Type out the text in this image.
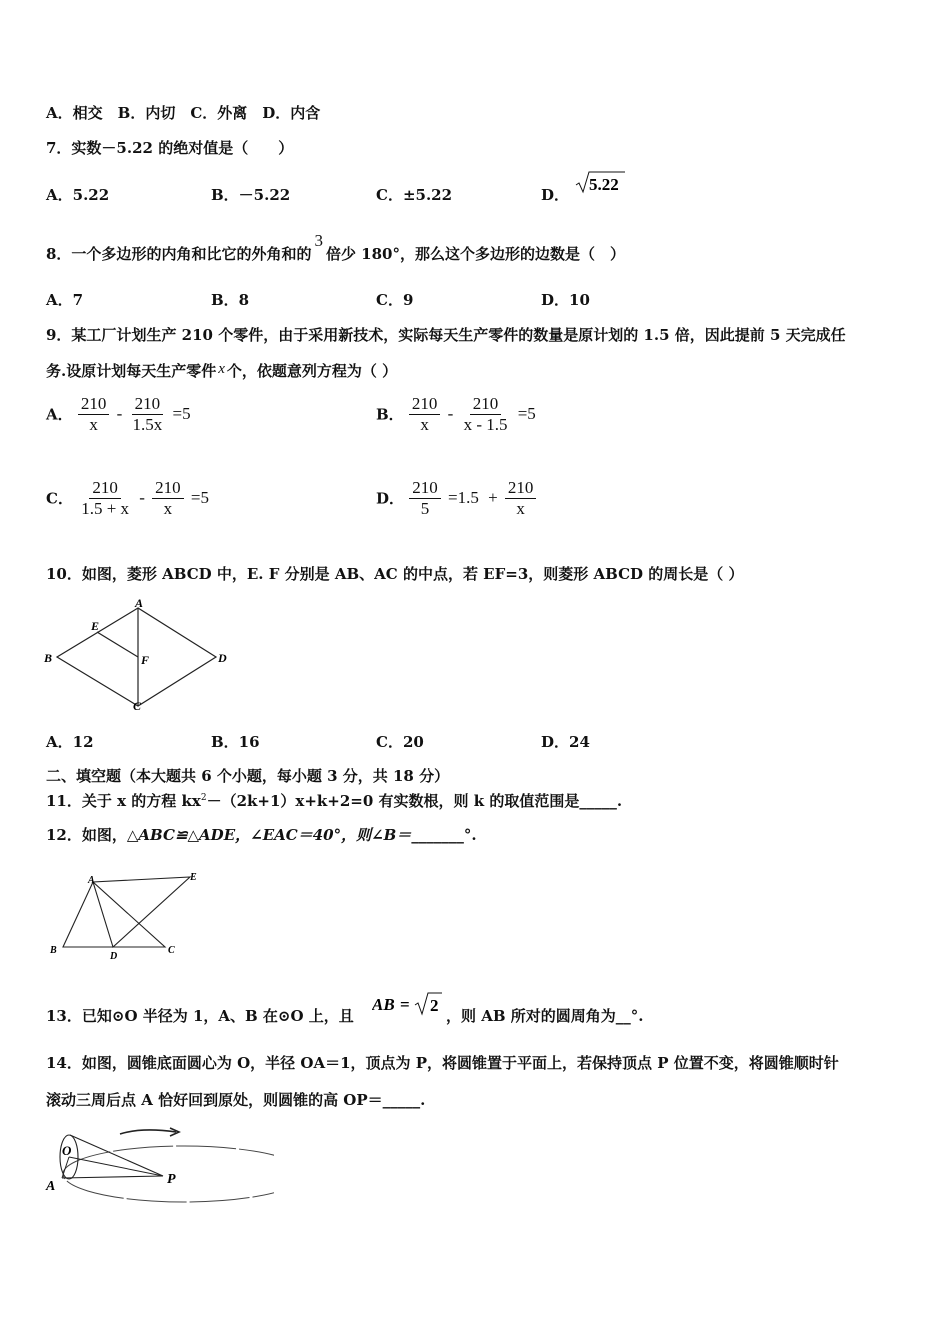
A．相交　B．内切　C．外离　D．内含
7．实数－5.22 的绝对值是（　　）
A．5.22	B．－5.22	C．±5.22	D．
5.22
8．一个多边形的内角和比它的外角和的3倍少 180°，那么这个多边形的边数是（　）
A．7	B．8	C．9	D．10
9．某工厂计划生产 210 个零件，由于采用新技术，实际每天生产零件的数量是原计划的 1.5 倍，因此提前 5 天完成任
务.设原计划每天生产零件 x 个，依题意列方程为（ ）
A． $\frac{210}{x} - \frac{210}{1.5x} =5$	B． $\frac{210}{x} - \frac{210}{x - 1.5} =5$
C． $\frac{210}{1.5 + x} - \frac{210}{x} =5$	D． $\frac{210}{5} =1.5 + \frac{210}{x}$
10．如图，菱形 ABCD 中，E. F 分别是 AB、AC 的中点，若 EF=3，则菱形 ABCD 的周长是（ ）
A
B
C
D
E
F
A．12	B．16	C．20	D．24
二、填空题（本大题共 6 个小题，每小题 3 分，共 18 分）
11．关于 x 的方程 $kx^2-(2k+1)x+k+2=0$ 有实数根，则 k 的取值范围是_____.
12．如图，△ABC≌△ADE，∠EAC＝40°，则∠B＝_______°.
A
B
D
C
E
13．已知⊙O 半径为 1，A、B 在⊙O 上，且
AB = 2
，则 AB 所对的圆周角为__°.
14．如图，圆锥底面圆心为 O，半径 OA＝1，顶点为 P，将圆锥置于平面上，若保持顶点 P 位置不变，将圆锥顺时针
滚动三周后点 A 恰好回到原处，则圆锥的高 OP＝_____.
O
A	P
